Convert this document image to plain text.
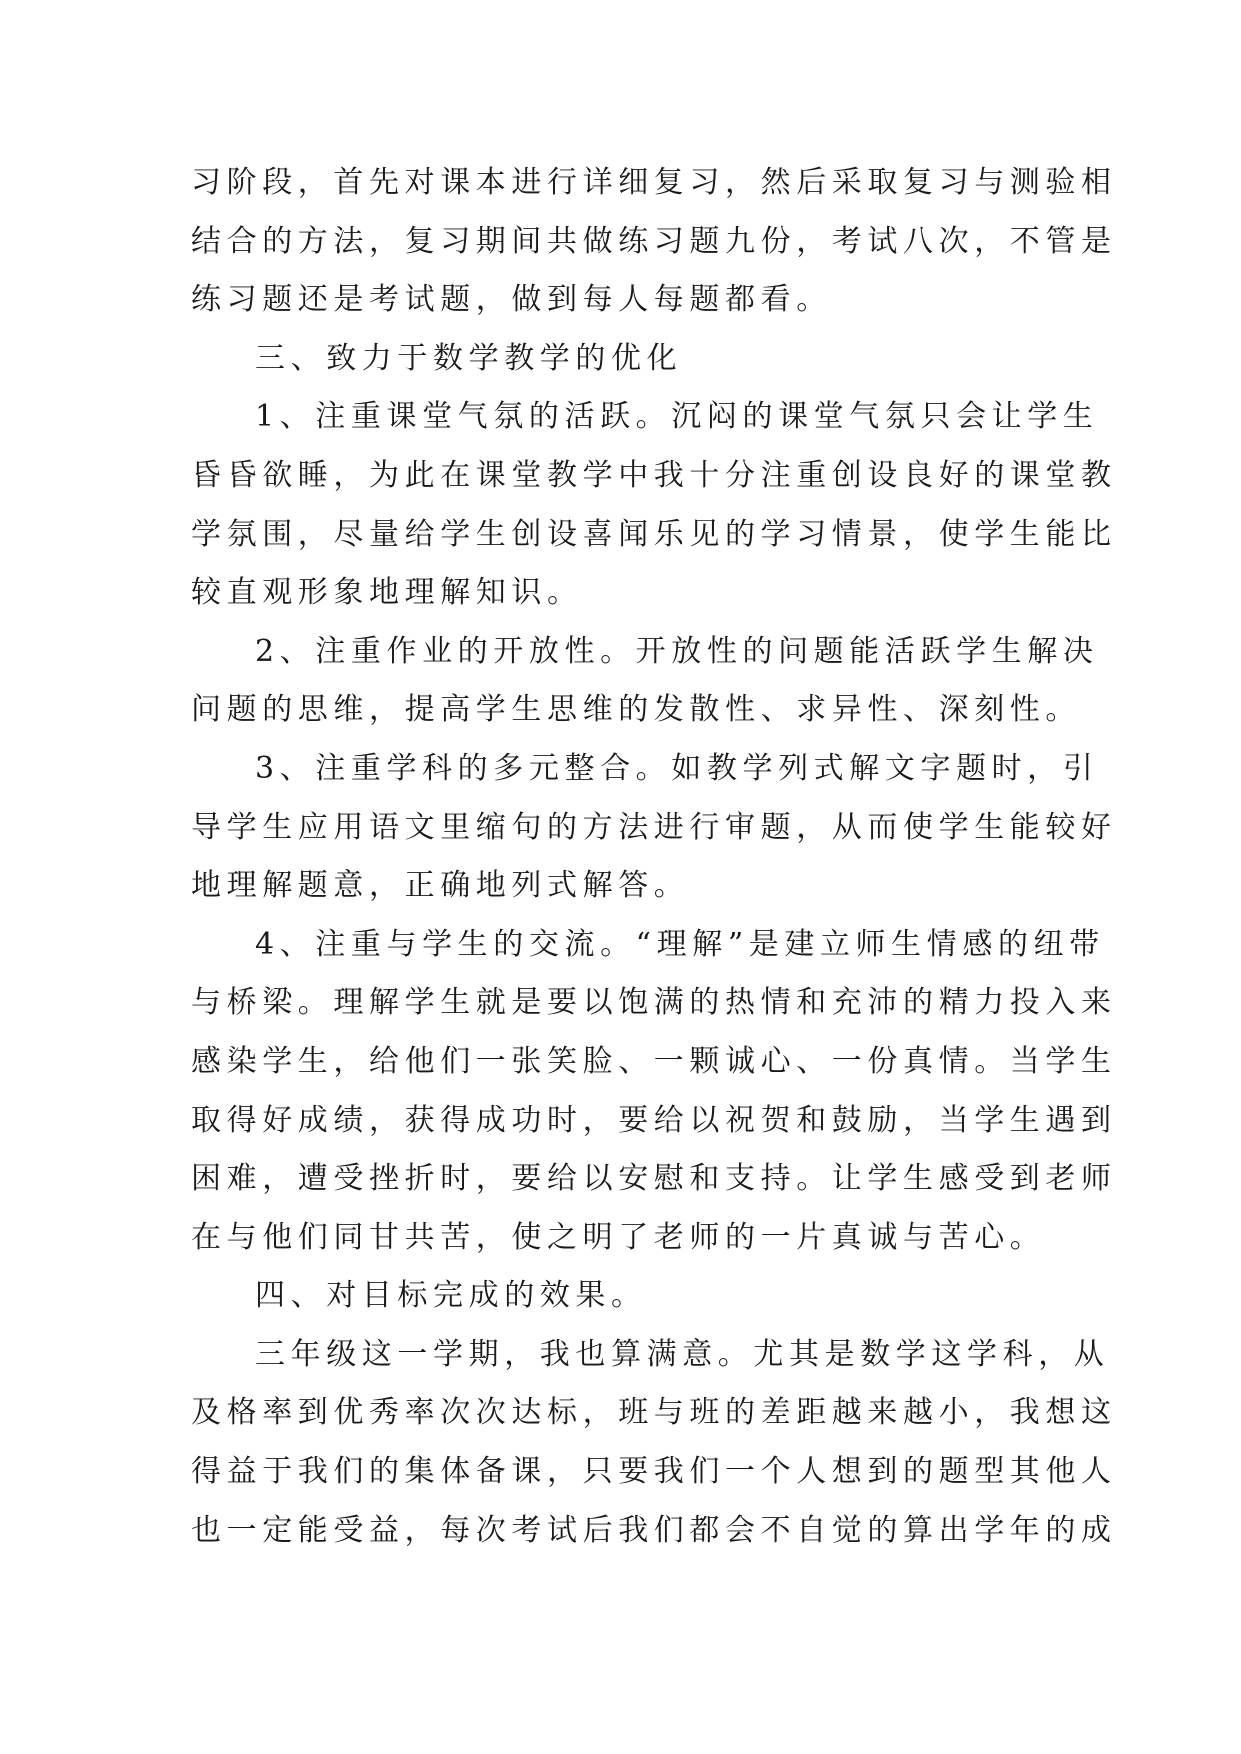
习阶段，首先对课本进行详细复习，然后采取复习与测验相
结合的方法，复习期间共做练习题九份，考试八次，不管是
练习题还是考试题，做到每人每题都看。
三、致力于数学教学的优化
1、注重课堂气氛的活跃。沉闷的课堂气氛只会让学生
昏昏欲睡，为此在课堂教学中我十分注重创设良好的课堂教
学氛围，尽量给学生创设喜闻乐见的学习情景，使学生能比
较直观形象地理解知识。
2、注重作业的开放性。开放性的问题能活跃学生解决
问题的思维，提高学生思维的发散性、求异性、深刻性。
3、注重学科的多元整合。如教学列式解文字题时，引
导学生应用语文里缩句的方法进行审题，从而使学生能较好
地理解题意，正确地列式解答。
4、注重与学生的交流。“理解”是建立师生情感的纽带
与桥梁。理解学生就是要以饱满的热情和充沛的精力投入来
感染学生，给他们一张笑脸、一颗诚心、一份真情。当学生
取得好成绩，获得成功时，要给以祝贺和鼓励，当学生遇到
困难，遭受挫折时，要给以安慰和支持。让学生感受到老师
在与他们同甘共苦，使之明了老师的一片真诚与苦心。
四、对目标完成的效果。
三年级这一学期，我也算满意。尤其是数学这学科，从
及格率到优秀率次次达标，班与班的差距越来越小，我想这
得益于我们的集体备课，只要我们一个人想到的题型其他人
也一定能受益，每次考试后我们都会不自觉的算出学年的成
